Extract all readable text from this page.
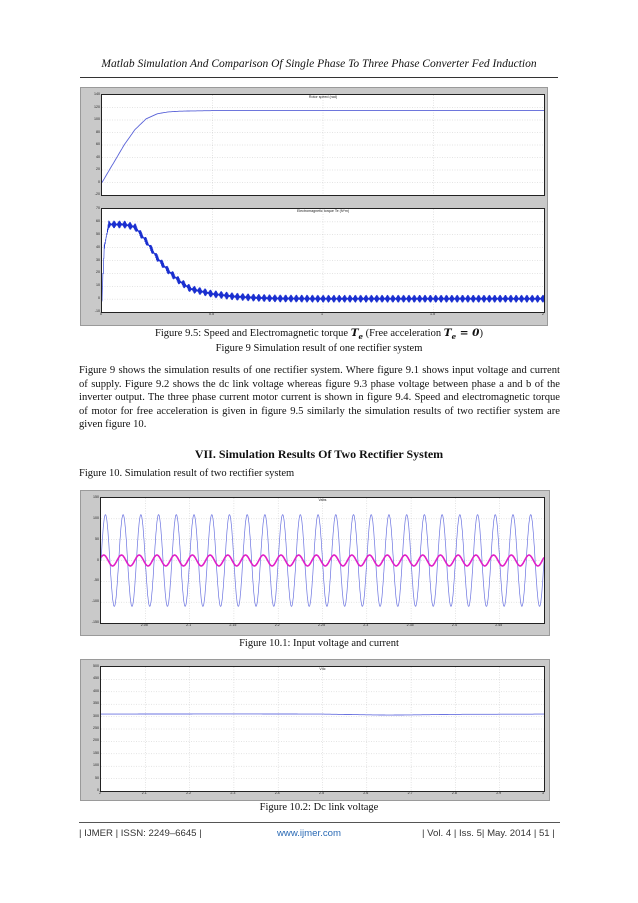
Matlab Simulation And Comparison Of Single Phase To Three Phase Converter Fed Induction
Rotor speed (rad)
140
120
100
80
60
40
20
0
-20
Electromagnetic torque Te (N*m)
70
60
50
40
30
20
10
0
-10
0	0.5	1	1.5	2
Figure 9.5: Speed and Electromagnetic torque $T_e$ (Free acceleration $T_e = 0$)
Figure 9 Simulation result of one rectifier system
Figure 9 shows the simulation results of one rectifier system. Where figure 9.1 shows input voltage and current of supply. Figure 9.2 shows the dc link voltage whereas figure 9.3 phase voltage between phase a and b of the inverter output. The three phase current motor current is shown in figure 9.4. Speed and electromagnetic torque of motor for free acceleration is given in figure 9.5 similarly the simulation results of two rectifier system are given figure 10.
VII. Simulation Results Of Two Rectifier System
Figure 10. Simulation result of two rectifier system
Vabs
150
100
50
0
-50
-100
-150
2.05	2.1	2.15	2.2	2.25	2.3	2.35	2.4	2.45
Figure 10.1: Input voltage and current
Vdc
500
450
400
350
300
250
200
150
100
50
0
2	2.1	2.2	2.3	2.4	2.5	2.6	2.7	2.8	2.9	3
Figure 10.2: Dc link voltage
| IJMER | ISSN: 2249–6645 |	www.ijmer.com	| Vol. 4 | Iss. 5| May. 2014 | 51 |
